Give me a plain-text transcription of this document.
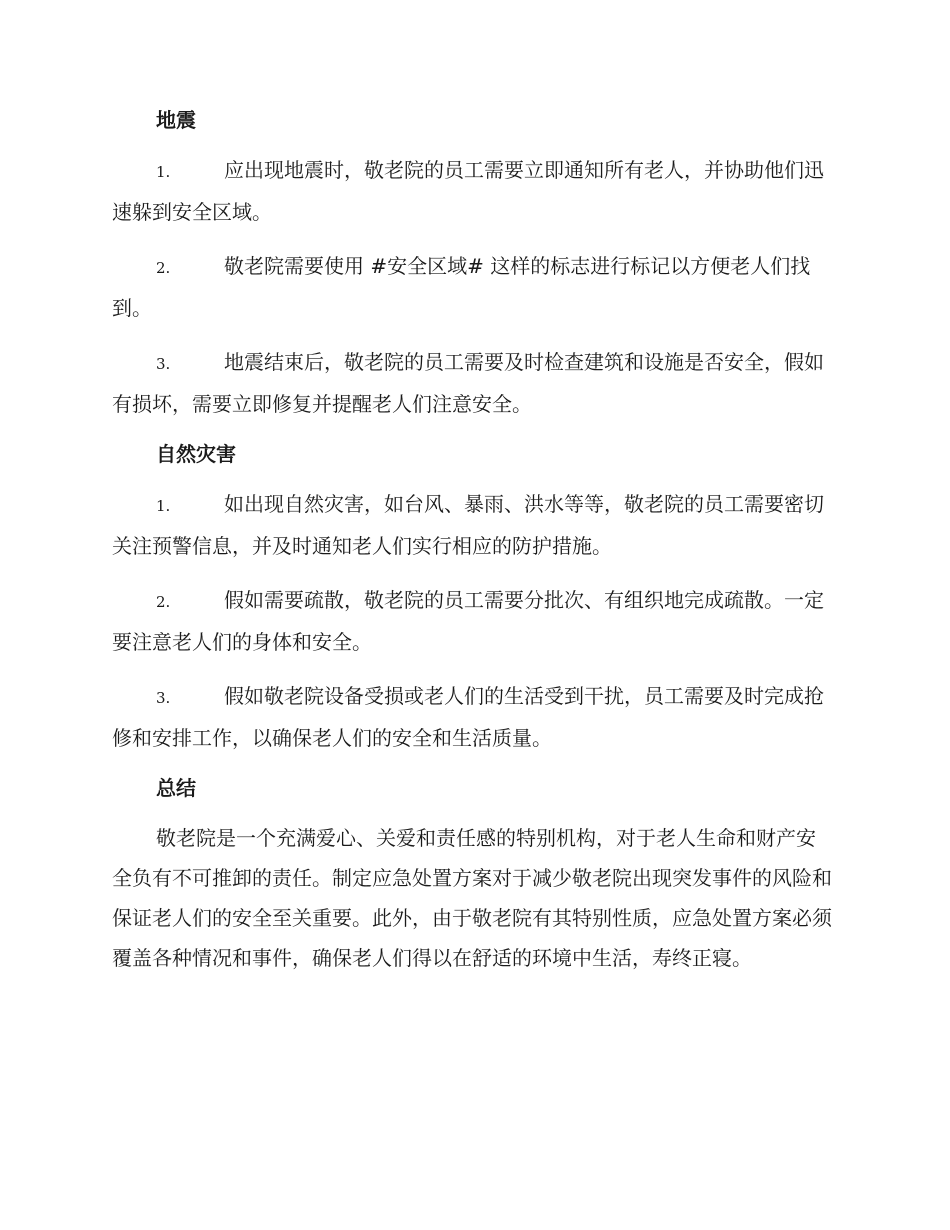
地震

1.	应出现地震时，敬老院的员工需要立即通知所有老人，并协助他们迅速躲到安全区域。

2.	敬老院需要使用 #安全区域# 这样的标志进行标记以方便老人们找到。

3.	地震结束后，敬老院的员工需要及时检查建筑和设施是否安全，假如有损坏，需要立即修复并提醒老人们注意安全。

自然灾害

1.	如出现自然灾害，如台风、暴雨、洪水等等，敬老院的员工需要密切关注预警信息，并及时通知老人们实行相应的防护措施。

2.	假如需要疏散，敬老院的员工需要分批次、有组织地完成疏散。一定要注意老人们的身体和安全。

3.	假如敬老院设备受损或老人们的生活受到干扰，员工需要及时完成抢修和安排工作，以确保老人们的安全和生活质量。

总结

敬老院是一个充满爱心、关爱和责任感的特别机构，对于老人生命和财产安全负有不可推卸的责任。制定应急处置方案对于减少敬老院出现突发事件的风险和保证老人们的安全至关重要。此外，由于敬老院有其特别性质，应急处置方案必须覆盖各种情况和事件，确保老人们得以在舒适的环境中生活，寿终正寝。
